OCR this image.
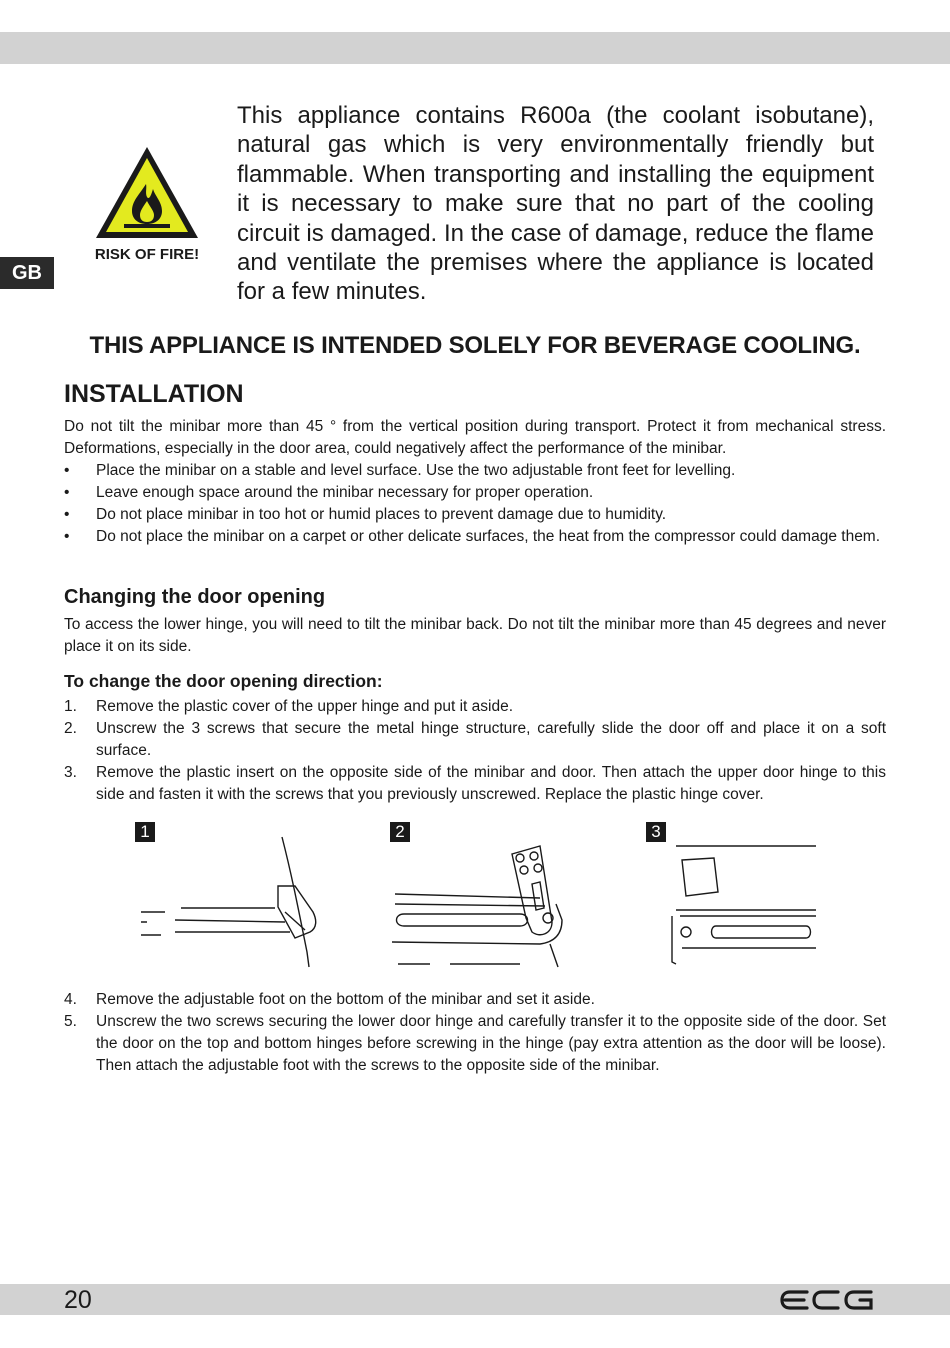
GB
RISK OF FIRE!

This appliance contains R600a (the coolant isobutane), natural gas which is very environmentally friendly but flammable. When transporting and installing the equipment it is necessary to make sure that no part of the cooling circuit is damaged. In the case of damage, reduce the flame and ventilate the premises where the appliance is located for a few minutes.

THIS APPLIANCE IS INTENDED SOLELY FOR BEVERAGE COOLING.
INSTALLATION

Do not tilt the minibar more than 45 ° from the vertical position during transport. Protect it from mechanical stress. Deformations, especially in the door area, could negatively affect the performance of the minibar.

• Place the minibar on a stable and level surface. Use the two adjustable front feet for levelling.
• Leave enough space around the minibar necessary for proper operation.
• Do not place minibar in too hot or humid places to prevent damage due to humidity.
• Do not place the minibar on a carpet or other delicate surfaces, the heat from the compressor could damage them.
Changing the door opening

To access the lower hinge, you will need to tilt the minibar back. Do not tilt the minibar more than 45 degrees and never place it on its side.

To change the door opening direction:
1. Remove the plastic cover of the upper hinge and put it aside.
2. Unscrew the 3 screws that secure the metal hinge structure, carefully slide the door off and place it on a soft surface.
3. Remove the plastic insert on the opposite side of the minibar and door. Then attach the upper door hinge to this side and fasten it with the screws that you previously unscrewed. Replace the plastic hinge cover.
1	2	3
4. Remove the adjustable foot on the bottom of the minibar and set it aside.
5. Unscrew the two screws securing the lower door hinge and carefully transfer it to the opposite side of the door. Set the door on the top and bottom hinges before screwing in the hinge (pay extra attention as the door will be loose). Then attach the adjustable foot with the screws to the opposite side of the minibar.
20
